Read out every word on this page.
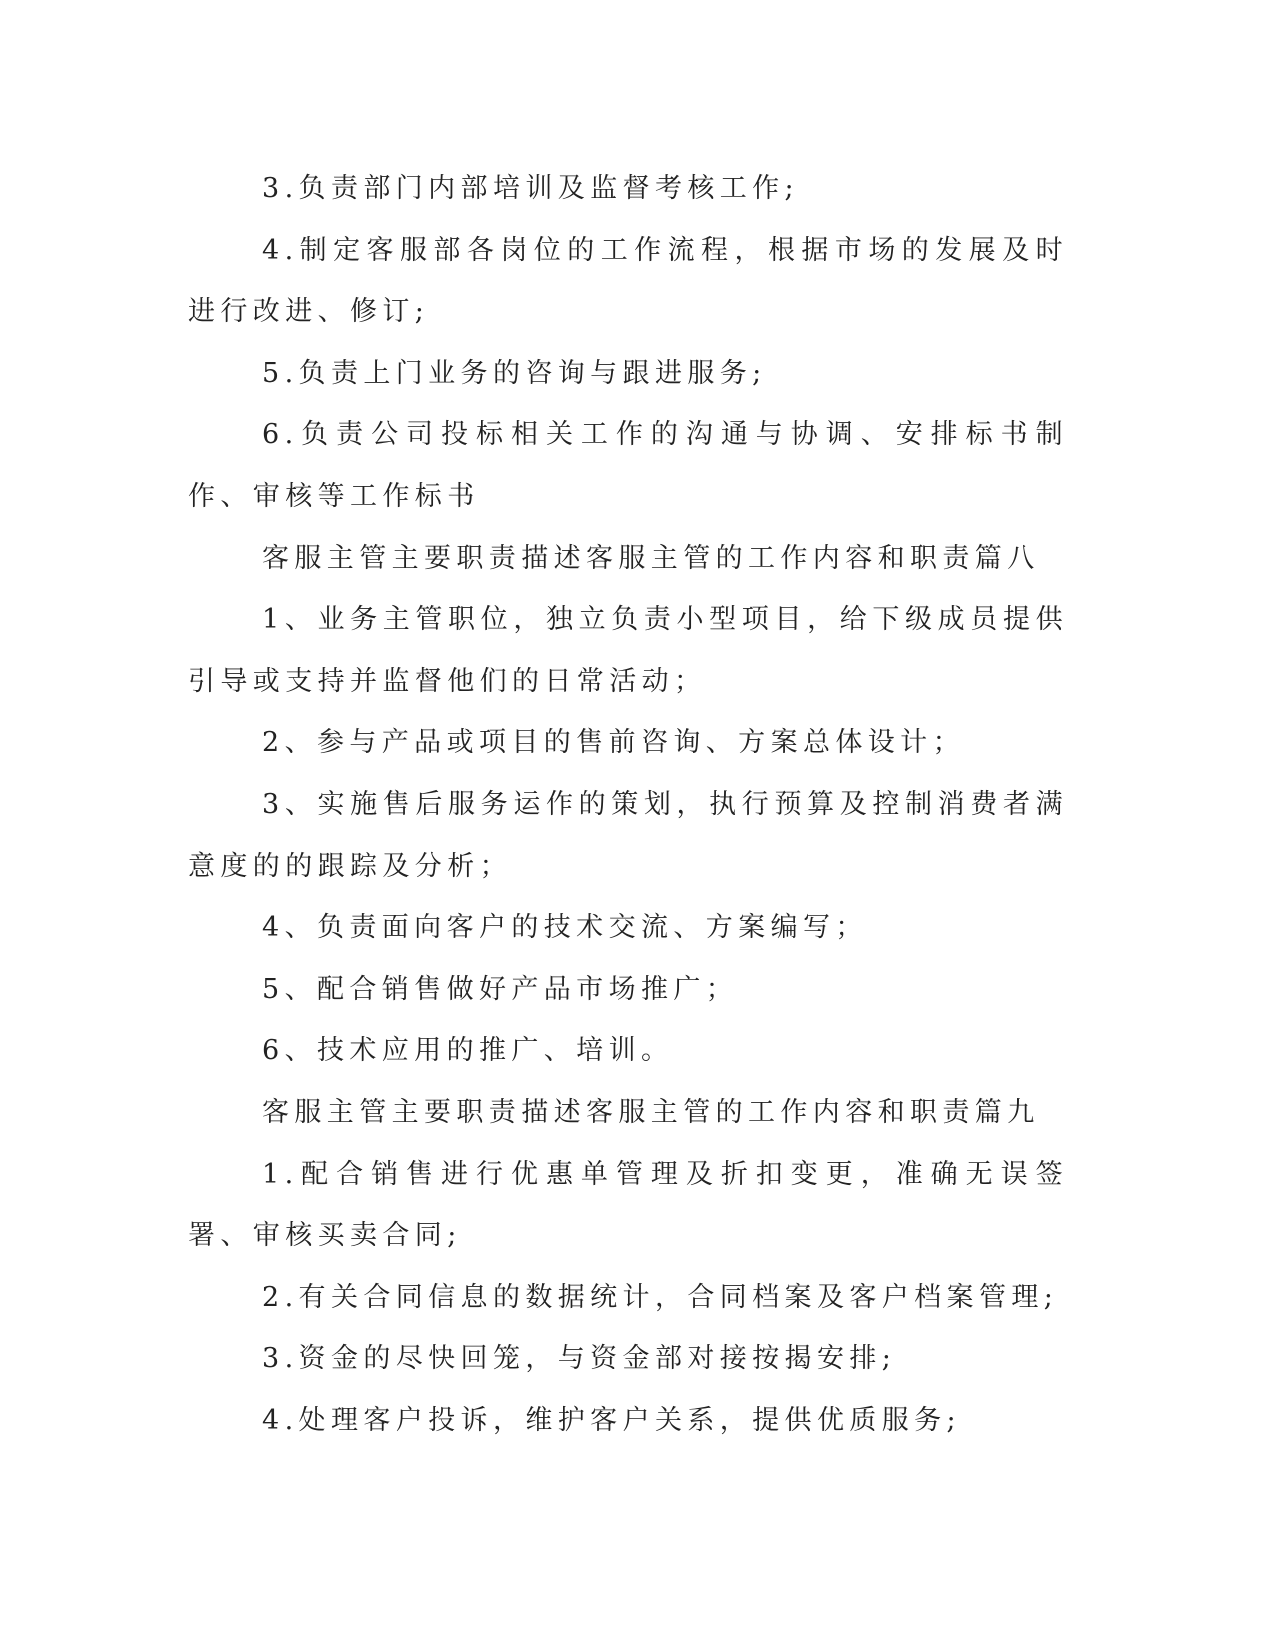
3.负责部门内部培训及监督考核工作;

4.制定客服部各岗位的工作流程，根据市场的发展及时进行改进、修订;

5.负责上门业务的咨询与跟进服务;

6.负责公司投标相关工作的沟通与协调、安排标书制作、审核等工作标书

客服主管主要职责描述客服主管的工作内容和职责篇八

1、业务主管职位，独立负责小型项目，给下级成员提供引导或支持并监督他们的日常活动；

2、参与产品或项目的售前咨询、方案总体设计；

3、实施售后服务运作的策划，执行预算及控制消费者满意度的的跟踪及分析；

4、负责面向客户的技术交流、方案编写；

5、配合销售做好产品市场推广；

6、技术应用的推广、培训。

客服主管主要职责描述客服主管的工作内容和职责篇九

1.配合销售进行优惠单管理及折扣变更，准确无误签署、审核买卖合同;

2.有关合同信息的数据统计，合同档案及客户档案管理;

3.资金的尽快回笼，与资金部对接按揭安排;

4.处理客户投诉，维护客户关系，提供优质服务;
